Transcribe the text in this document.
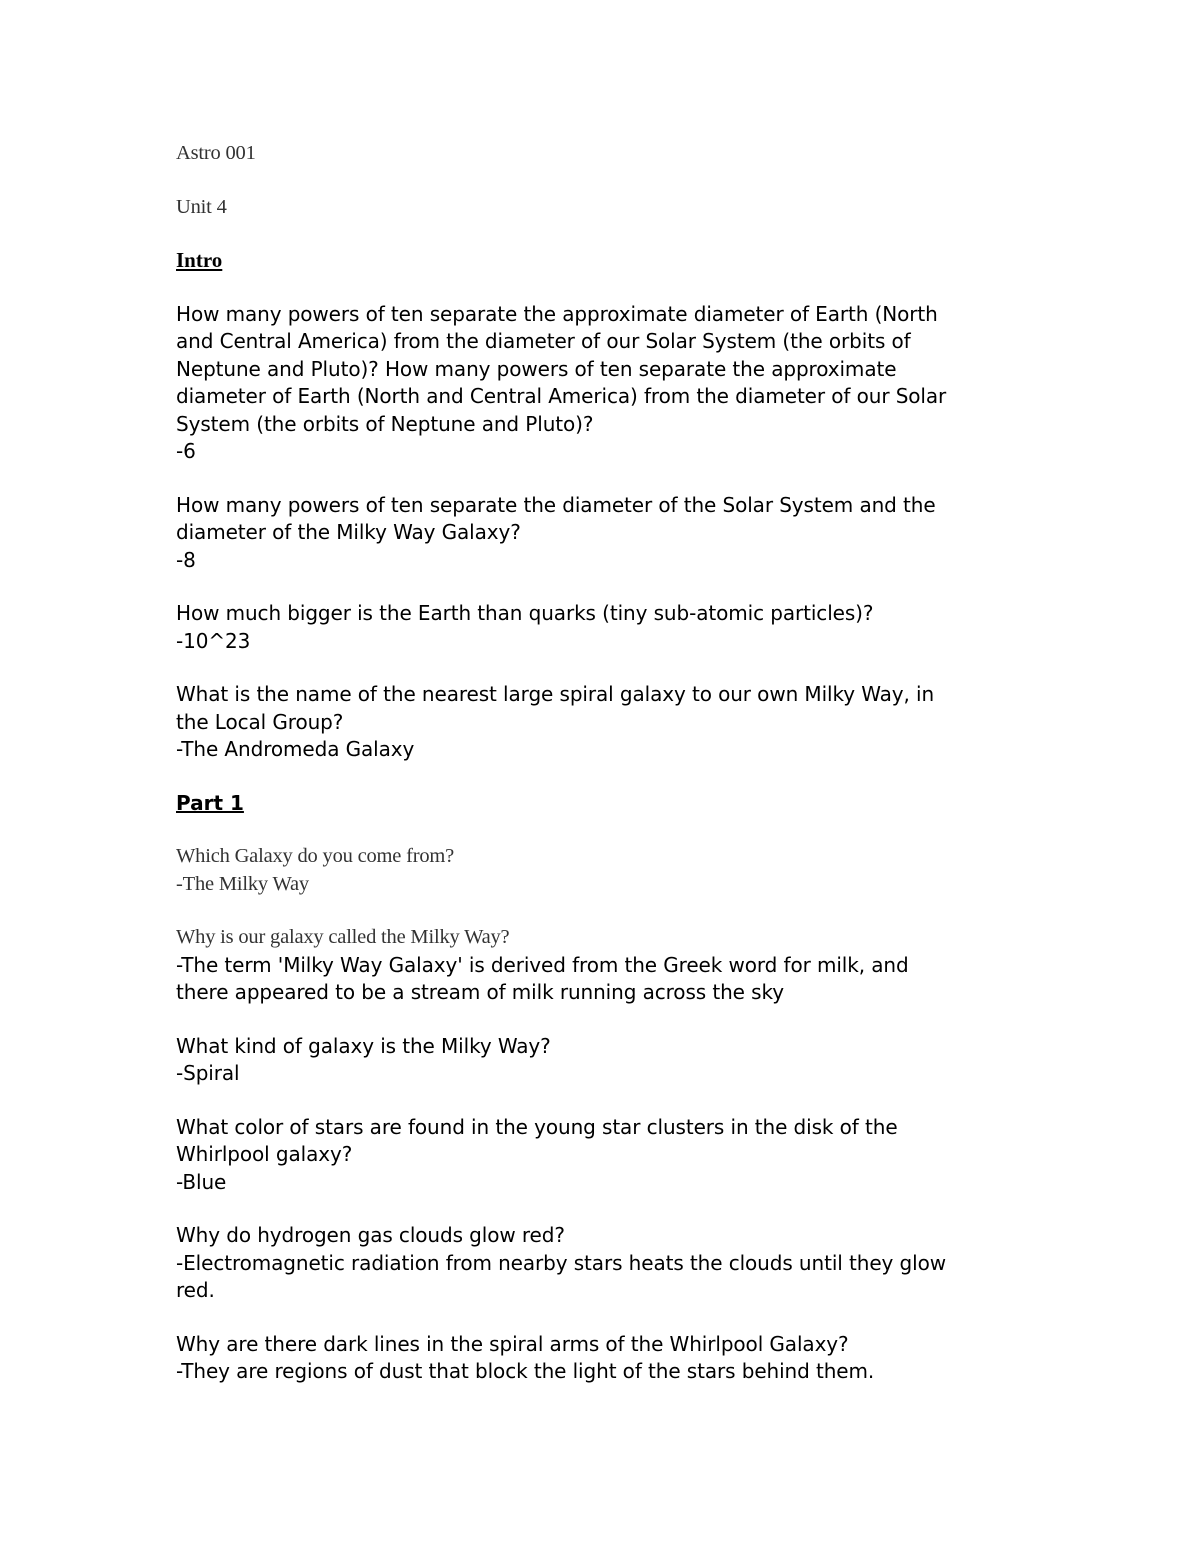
Astro 001
Unit 4
Intro
How many powers of ten separate the approximate diameter of Earth (North
and Central America) from the diameter of our Solar System (the orbits of
Neptune and Pluto)? How many powers of ten separate the approximate
diameter of Earth (North and Central America) from the diameter of our Solar
System (the orbits of Neptune and Pluto)?
-6
How many powers of ten separate the diameter of the Solar System and the
diameter of the Milky Way Galaxy?
-8
How much bigger is the Earth than quarks (tiny sub-atomic particles)?
-10^23
What is the name of the nearest large spiral galaxy to our own Milky Way, in
the Local Group?
-The Andromeda Galaxy
Part 1
Which Galaxy do you come from?
-The Milky Way
Why is our galaxy called the Milky Way?
-The term 'Milky Way Galaxy' is derived from the Greek word for milk, and
there appeared to be a stream of milk running across the sky
What kind of galaxy is the Milky Way?
-Spiral
What color of stars are found in the young star clusters in the disk of the
Whirlpool galaxy?
-Blue
Why do hydrogen gas clouds glow red?
-Electromagnetic radiation from nearby stars heats the clouds until they glow
red.
Why are there dark lines in the spiral arms of the Whirlpool Galaxy?
-They are regions of dust that block the light of the stars behind them.
